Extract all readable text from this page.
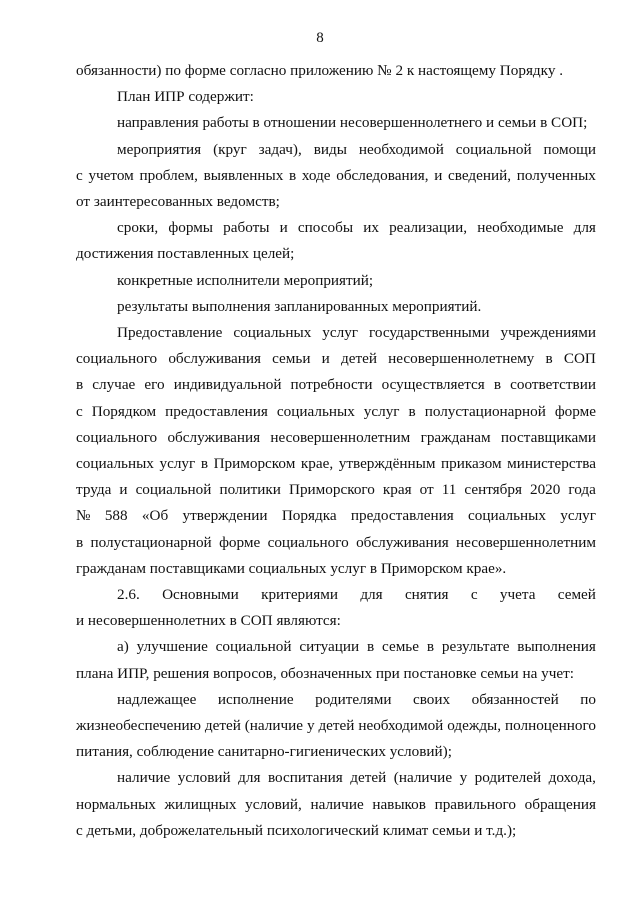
8
обязанности) по форме согласно приложению № 2 к настоящему Порядку .
План ИПР содержит:
направления работы в отношении несовершеннолетнего и семьи в СОП;
мероприятия (круг задач), виды необходимой социальной помощи
с учетом проблем, выявленных в ходе обследования, и сведений, полученных
от заинтересованных ведомств;
сроки, формы работы и способы их реализации, необходимые для
достижения поставленных целей;
конкретные исполнители мероприятий;
результаты выполнения запланированных мероприятий.
Предоставление социальных услуг государственными учреждениями
социального обслуживания семьи и детей несовершеннолетнему в СОП
в случае его индивидуальной потребности осуществляется в соответствии
с Порядком предоставления социальных услуг в полустационарной форме
социального обслуживания несовершеннолетним гражданам поставщиками
социальных услуг в Приморском крае, утверждённым приказом министерства
труда и социальной политики Приморского края от 11 сентября 2020 года
№ 588 «Об утверждении Порядка предоставления социальных услуг
в полустационарной форме социального обслуживания несовершеннолетним
гражданам поставщиками социальных услуг в Приморском крае».
2.6. Основными критериями для снятия с учета семей
и несовершеннолетних в СОП являются:
а) улучшение социальной ситуации в семье в результате выполнения
плана ИПР, решения вопросов, обозначенных при постановке семьи на учет:
надлежащее исполнение родителями своих обязанностей по
жизнеобеспечению детей (наличие у детей необходимой одежды, полноценного
питания, соблюдение санитарно-гигиенических условий);
наличие условий для воспитания детей (наличие у родителей дохода,
нормальных жилищных условий, наличие навыков правильного обращения
с детьми, доброжелательный психологический климат семьи и т.д.);
